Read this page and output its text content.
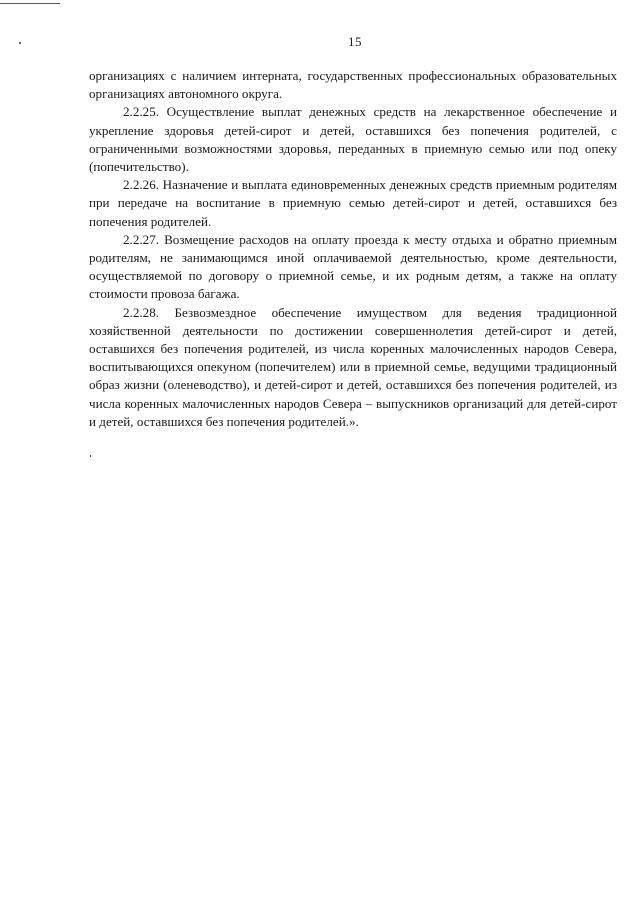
15

организациях с наличием интерната, государственных профессиональных образовательных организациях автономного округа.

2.2.25. Осуществление выплат денежных средств на лекарственное обеспечение и укрепление здоровья детей-сирот и детей, оставшихся без попечения родителей, с ограниченными возможностями здоровья, переданных в приемную семью или под опеку (попечительство).

2.2.26. Назначение и выплата единовременных денежных средств приемным родителям при передаче на воспитание в приемную семью детей-сирот и детей, оставшихся без попечения родителей.

2.2.27. Возмещение расходов на оплату проезда к месту отдыха и обратно приемным родителям, не занимающимся иной оплачиваемой деятельностью, кроме деятельности, осуществляемой по договору о приемной семье, и их родным детям, а также на оплату стоимости провоза багажа.

2.2.28. Безвозмездное обеспечение имуществом для ведения традиционной хозяйственной деятельности по достижении совершеннолетия детей-сирот и детей, оставшихся без попечения родителей, из числа коренных малочисленных народов Севера, воспитывающихся опекуном (попечителем) или в приемной семье, ведущими традиционный образ жизни (оленеводство), и детей-сирот и детей, оставшихся без попечения родителей, из числа коренных малочисленных народов Севера – выпускников организаций для детей-сирот и детей, оставшихся без попечения родителей.».
